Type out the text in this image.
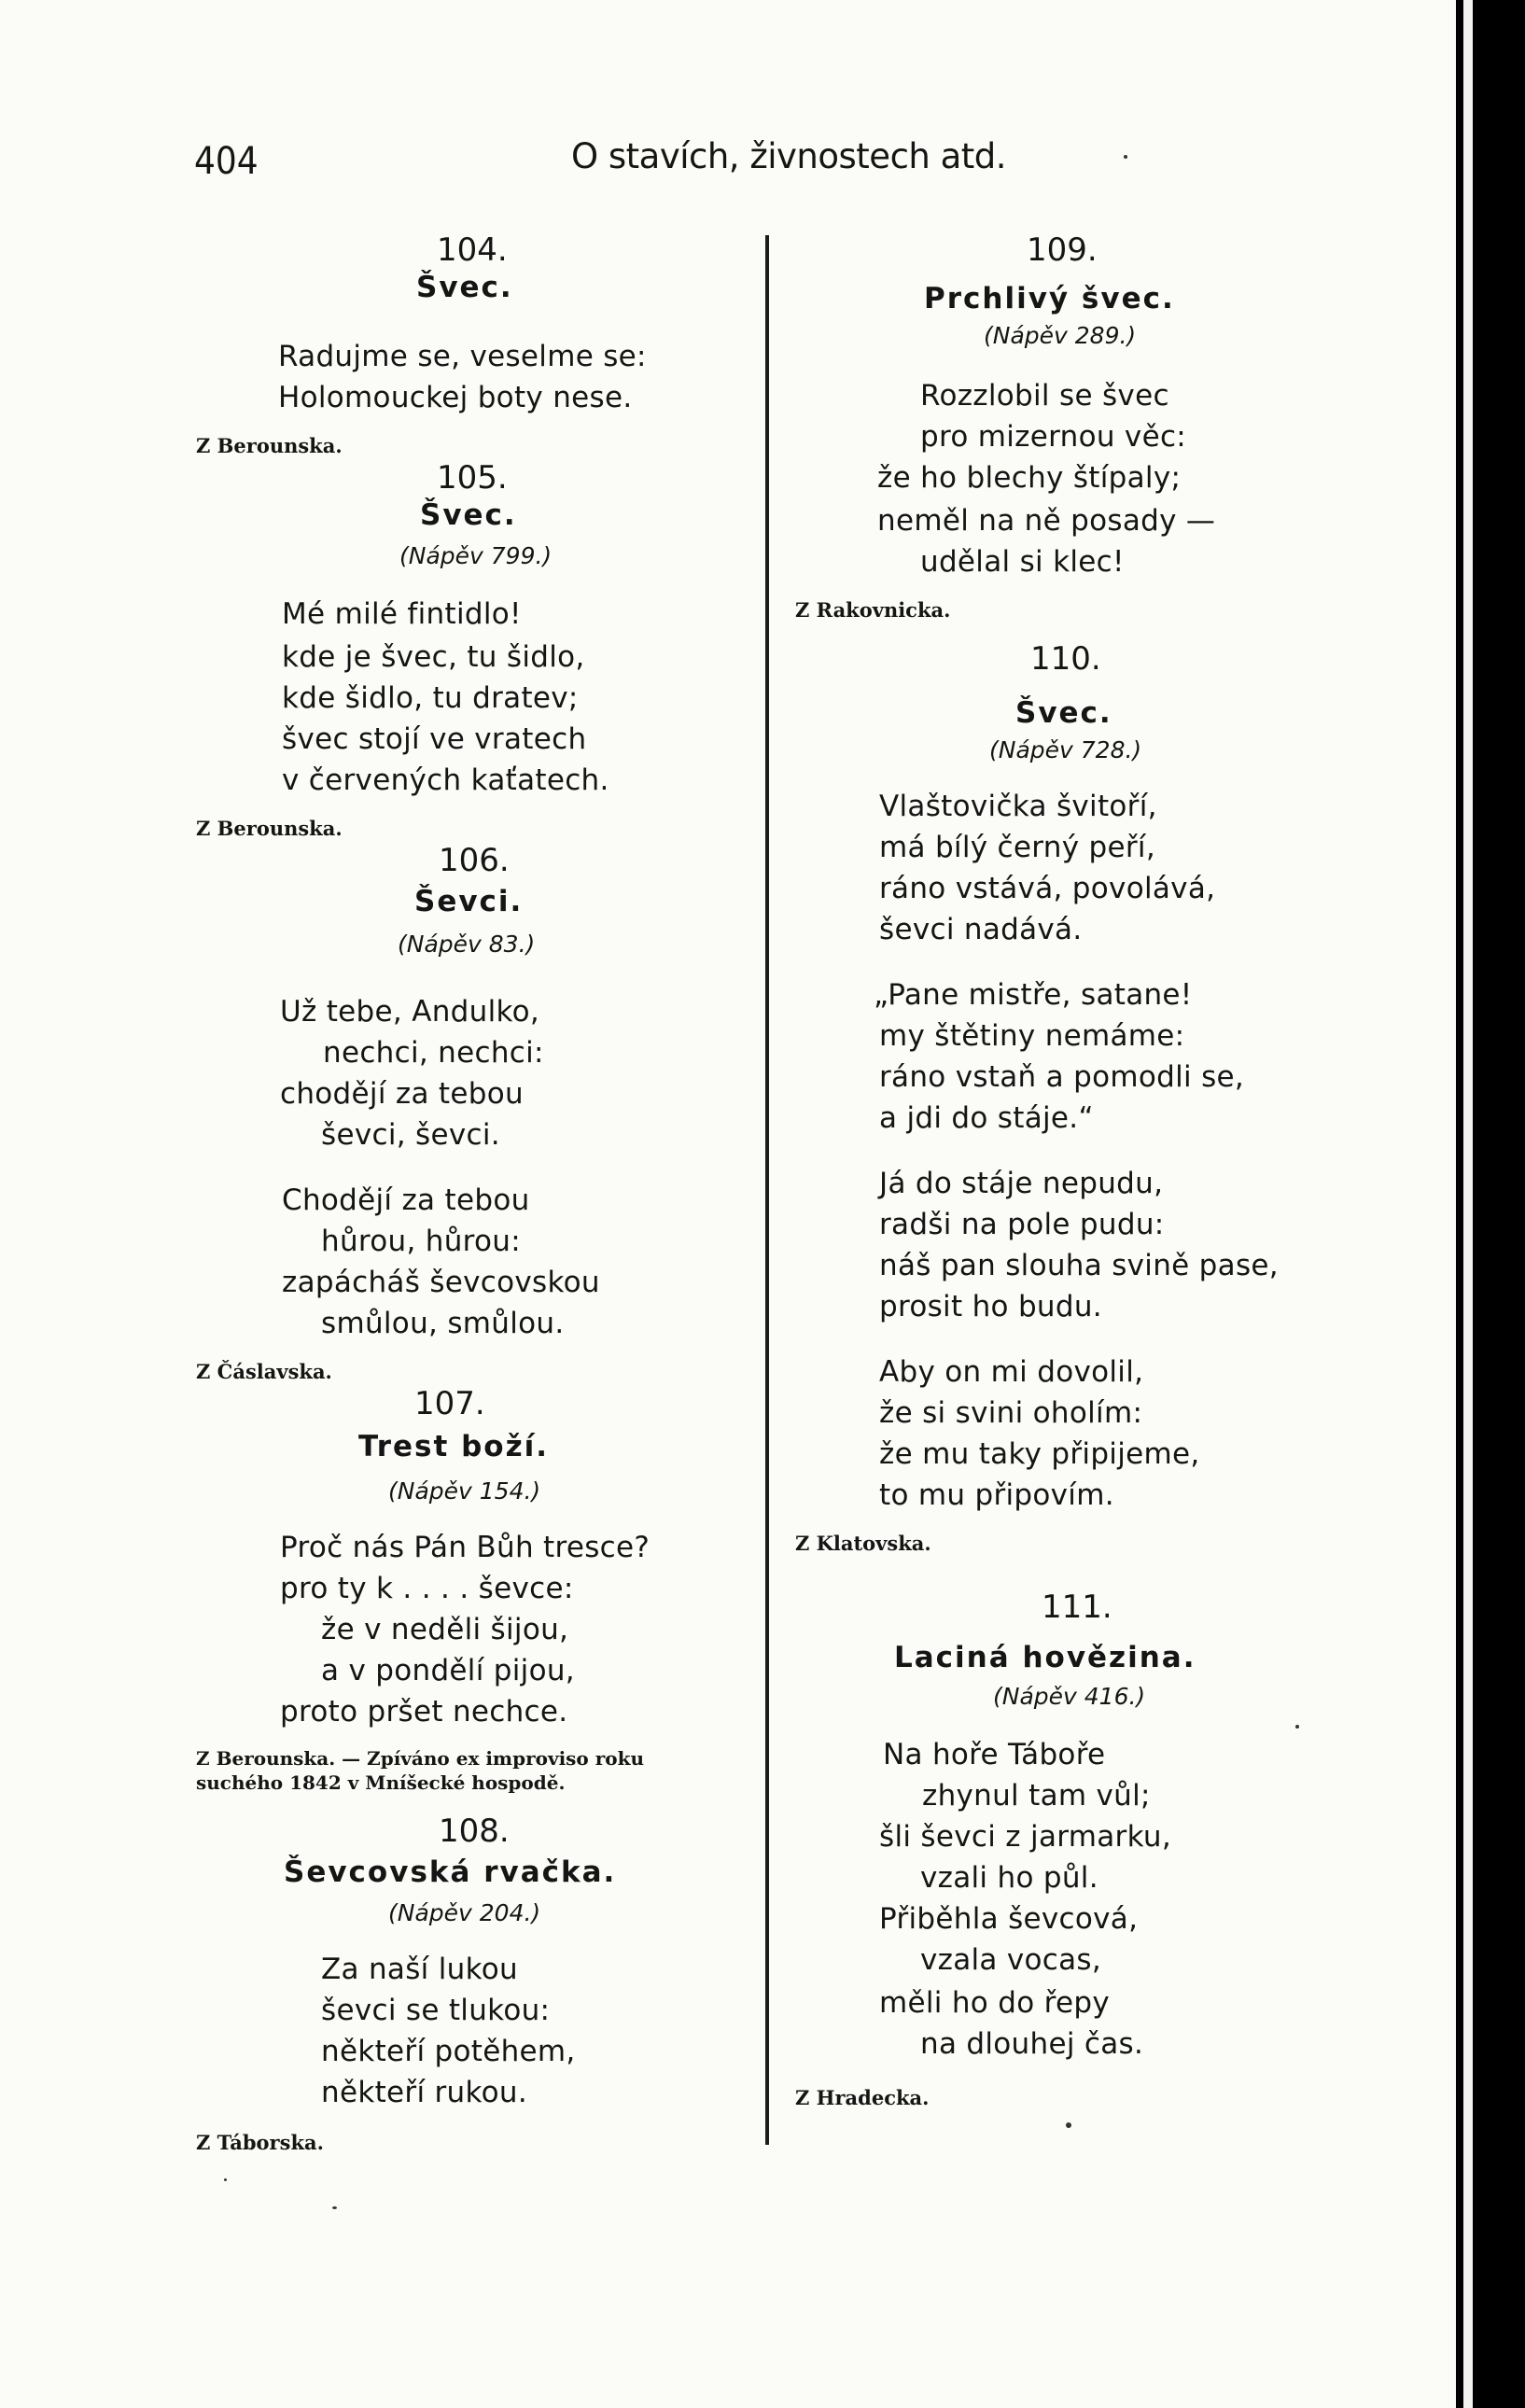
404	O stavích, živnostech atd.
104.
Švec.
Radujme se, veselme se:
Holomouckej boty nese.
Z Berounska.
105.
Švec.
(Nápěv 799.)
Mé milé fintidlo!
kde je švec, tu šidlo,
kde šidlo, tu dratev;
švec stojí ve vratech
v červených kaťatech.
Z Berounska.
106.
Ševci.
(Nápěv 83.)
Už tebe, Andulko,
nechci, nechci:
chodějí za tebou
ševci, ševci.
Chodějí za tebou
hůrou, hůrou:
zapácháš ševcovskou
smůlou, smůlou.
Z Čáslavska.
107.
Trest boží.
(Nápěv 154.)
Proč nás Pán Bůh tresce?
pro ty k . . . . ševce:
že v neděli šijou,
a v pondělí pijou,
proto pršet nechce.
Z Berounska. — Zpíváno ex improviso roku
suchého 1842 v Mníšecké hospodě.
108.
Ševcovská rvačka.
(Nápěv 204.)
Za naší lukou
ševci se tlukou:
někteří potěhem,
někteří rukou.
Z Táborska.
109.
Prchlivý švec.
(Nápěv 289.)
Rozzlobil se švec
pro mizernou věc:
že ho blechy štípaly;
neměl na ně posady —
udělal si klec!
Z Rakovnicka.
110.
Švec.
(Nápěv 728.)
Vlaštovička švitoří,
má bílý černý peří,
ráno vstává, povolává,
ševci nadává.
„Pane mistře, satane!
my štětiny nemáme:
ráno vstaň a pomodli se,
a jdi do stáje.“
Já do stáje nepudu,
radši na pole pudu:
náš pan slouha svině pase,
prosit ho budu.
Aby on mi dovolil,
že si svini oholím:
že mu taky připijeme,
to mu připovím.
Z Klatovska.
111.
Laciná hovězina.
(Nápěv 416.)
Na hoře Táboře
zhynul tam vůl;
šli ševci z jarmarku,
vzali ho půl.
Přiběhla ševcová,
vzala vocas,
měli ho do řepy
na dlouhej čas.
Z Hradecka.
